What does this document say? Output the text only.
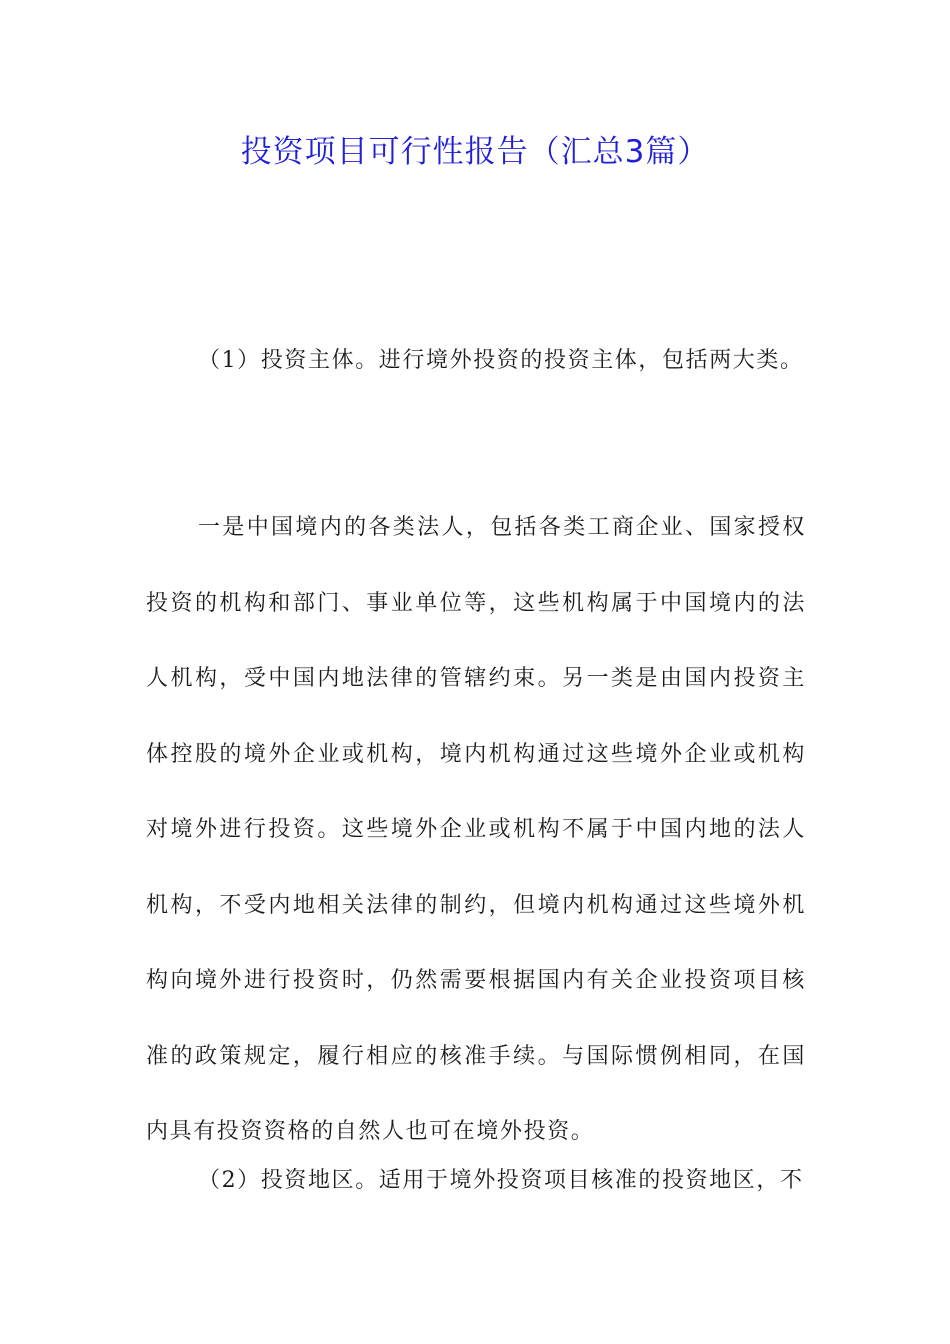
投资项目可行性报告（汇总3篇）

（1）投资主体。进行境外投资的投资主体，包括两大类。

一是中国境内的各类法人，包括各类工商企业、国家授权投资的机构和部门、事业单位等，这些机构属于中国境内的法人机构，受中国内地法律的管辖约束。另一类是由国内投资主体控股的境外企业或机构，境内机构通过这些境外企业或机构对境外进行投资。这些境外企业或机构不属于中国内地的法人机构，不受内地相关法律的制约，但境内机构通过这些境外机构向境外进行投资时，仍然需要根据国内有关企业投资项目核准的政策规定，履行相应的核准手续。与国际惯例相同，在国内具有投资资格的自然人也可在境外投资。

（2）投资地区。适用于境外投资项目核准的投资地区，不
